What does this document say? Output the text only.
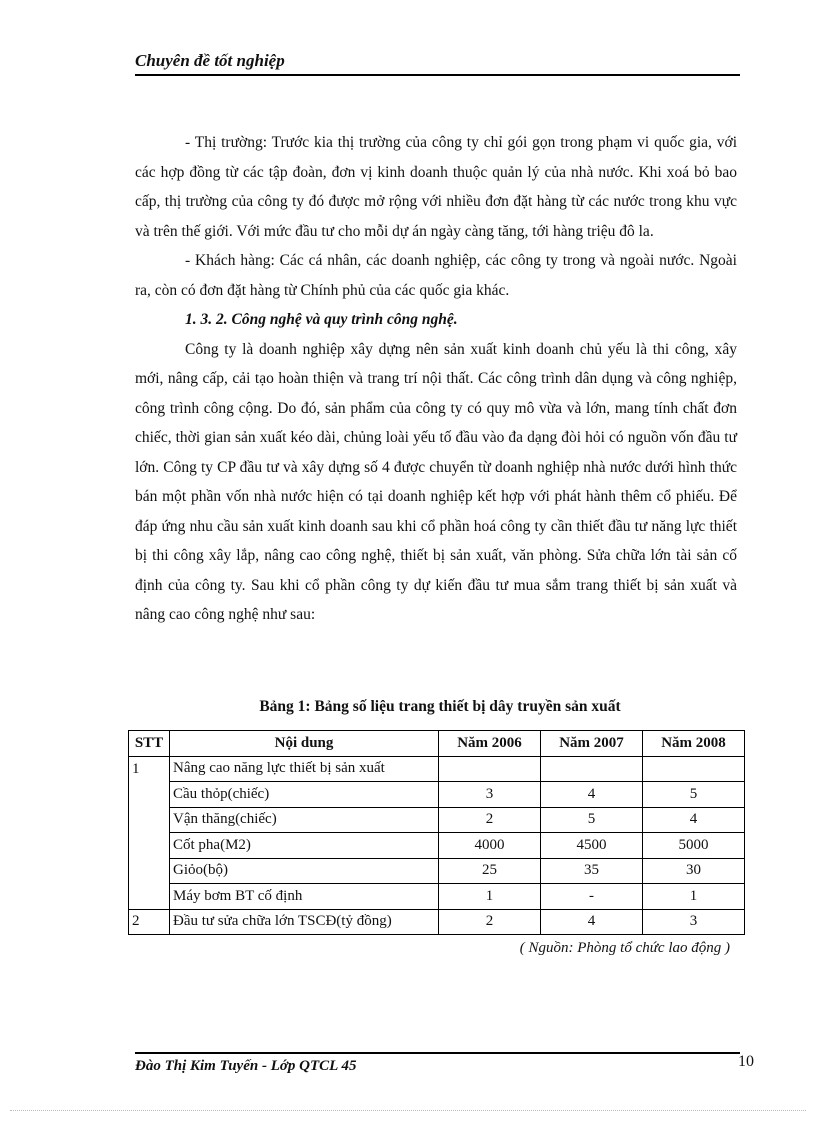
Chuyên đề tốt nghiệp

- Thị trường: Trước kia thị trường của công ty chỉ gói gọn trong phạm vi quốc gia, với các hợp đồng từ các tập đoàn, đơn vị kinh doanh thuộc quản lý của nhà nước. Khi xoá bỏ bao cấp, thị trường của công ty đó được mở rộng với nhiều đơn đặt hàng từ các nước trong khu vực và trên thế giới. Với mức đầu tư cho mỗi dự án ngày càng tăng, tới hàng triệu đô la.

- Khách hàng: Các cá nhân, các doanh nghiệp, các công ty trong và ngoài nước. Ngoài ra, còn có đơn đặt hàng từ Chính phủ của các quốc gia khác.

1. 3. 2. Công nghệ và quy trình công nghệ.

Công ty là doanh nghiệp xây dựng nên sản xuất kinh doanh chủ yếu là thi công, xây mới, nâng cấp, cải tạo hoàn thiện và trang trí nội thất. Các công trình dân dụng và công nghiệp, công trình công cộng. Do đó, sản phẩm của công ty có quy mô vừa và lớn, mang tính chất đơn chiếc, thời gian sản xuất kéo dài, chủng loài yếu tố đầu vào đa dạng đòi hỏi có nguồn vốn đầu tư lớn. Công ty CP đầu tư và xây dựng số 4 được chuyển từ doanh nghiệp nhà nước dưới hình thức bán một phần vốn nhà nước hiện có tại doanh nghiệp kết hợp với phát hành thêm cổ phiếu. Để đáp ứng nhu cầu sản xuất kinh doanh sau khi cổ phần hoá công ty cần thiết đầu tư năng lực thiết bị thi công xây lắp, nâng cao công nghệ, thiết bị sản xuất, văn phòng. Sửa chữa lớn tài sản cố định của công ty. Sau khi cổ phần công ty dự kiến đầu tư mua sắm trang thiết bị sản xuất và nâng cao công nghệ như sau:

Bảng 1: Bảng số liệu trang thiết bị dây truyền sản xuất
STT	Nội dung	Năm 2006	Năm 2007	Năm 2008
1	Nâng cao năng lực thiết bị sản xuất			
	Cầu thỏp(chiếc)	3	4	5
	Vận thăng(chiếc)	2	5	4
	Cốt pha(M2)	4000	4500	5000
	Giỏo(bộ)	25	35	30
	Máy bơm BT cố định	1	-	1
2	Đầu tư sửa chữa lớn TSCĐ(tỷ đồng)	2	4	3
( Nguồn: Phòng tổ chức lao động )
Đào Thị Kim Tuyến - Lớp QTCL 45	10
